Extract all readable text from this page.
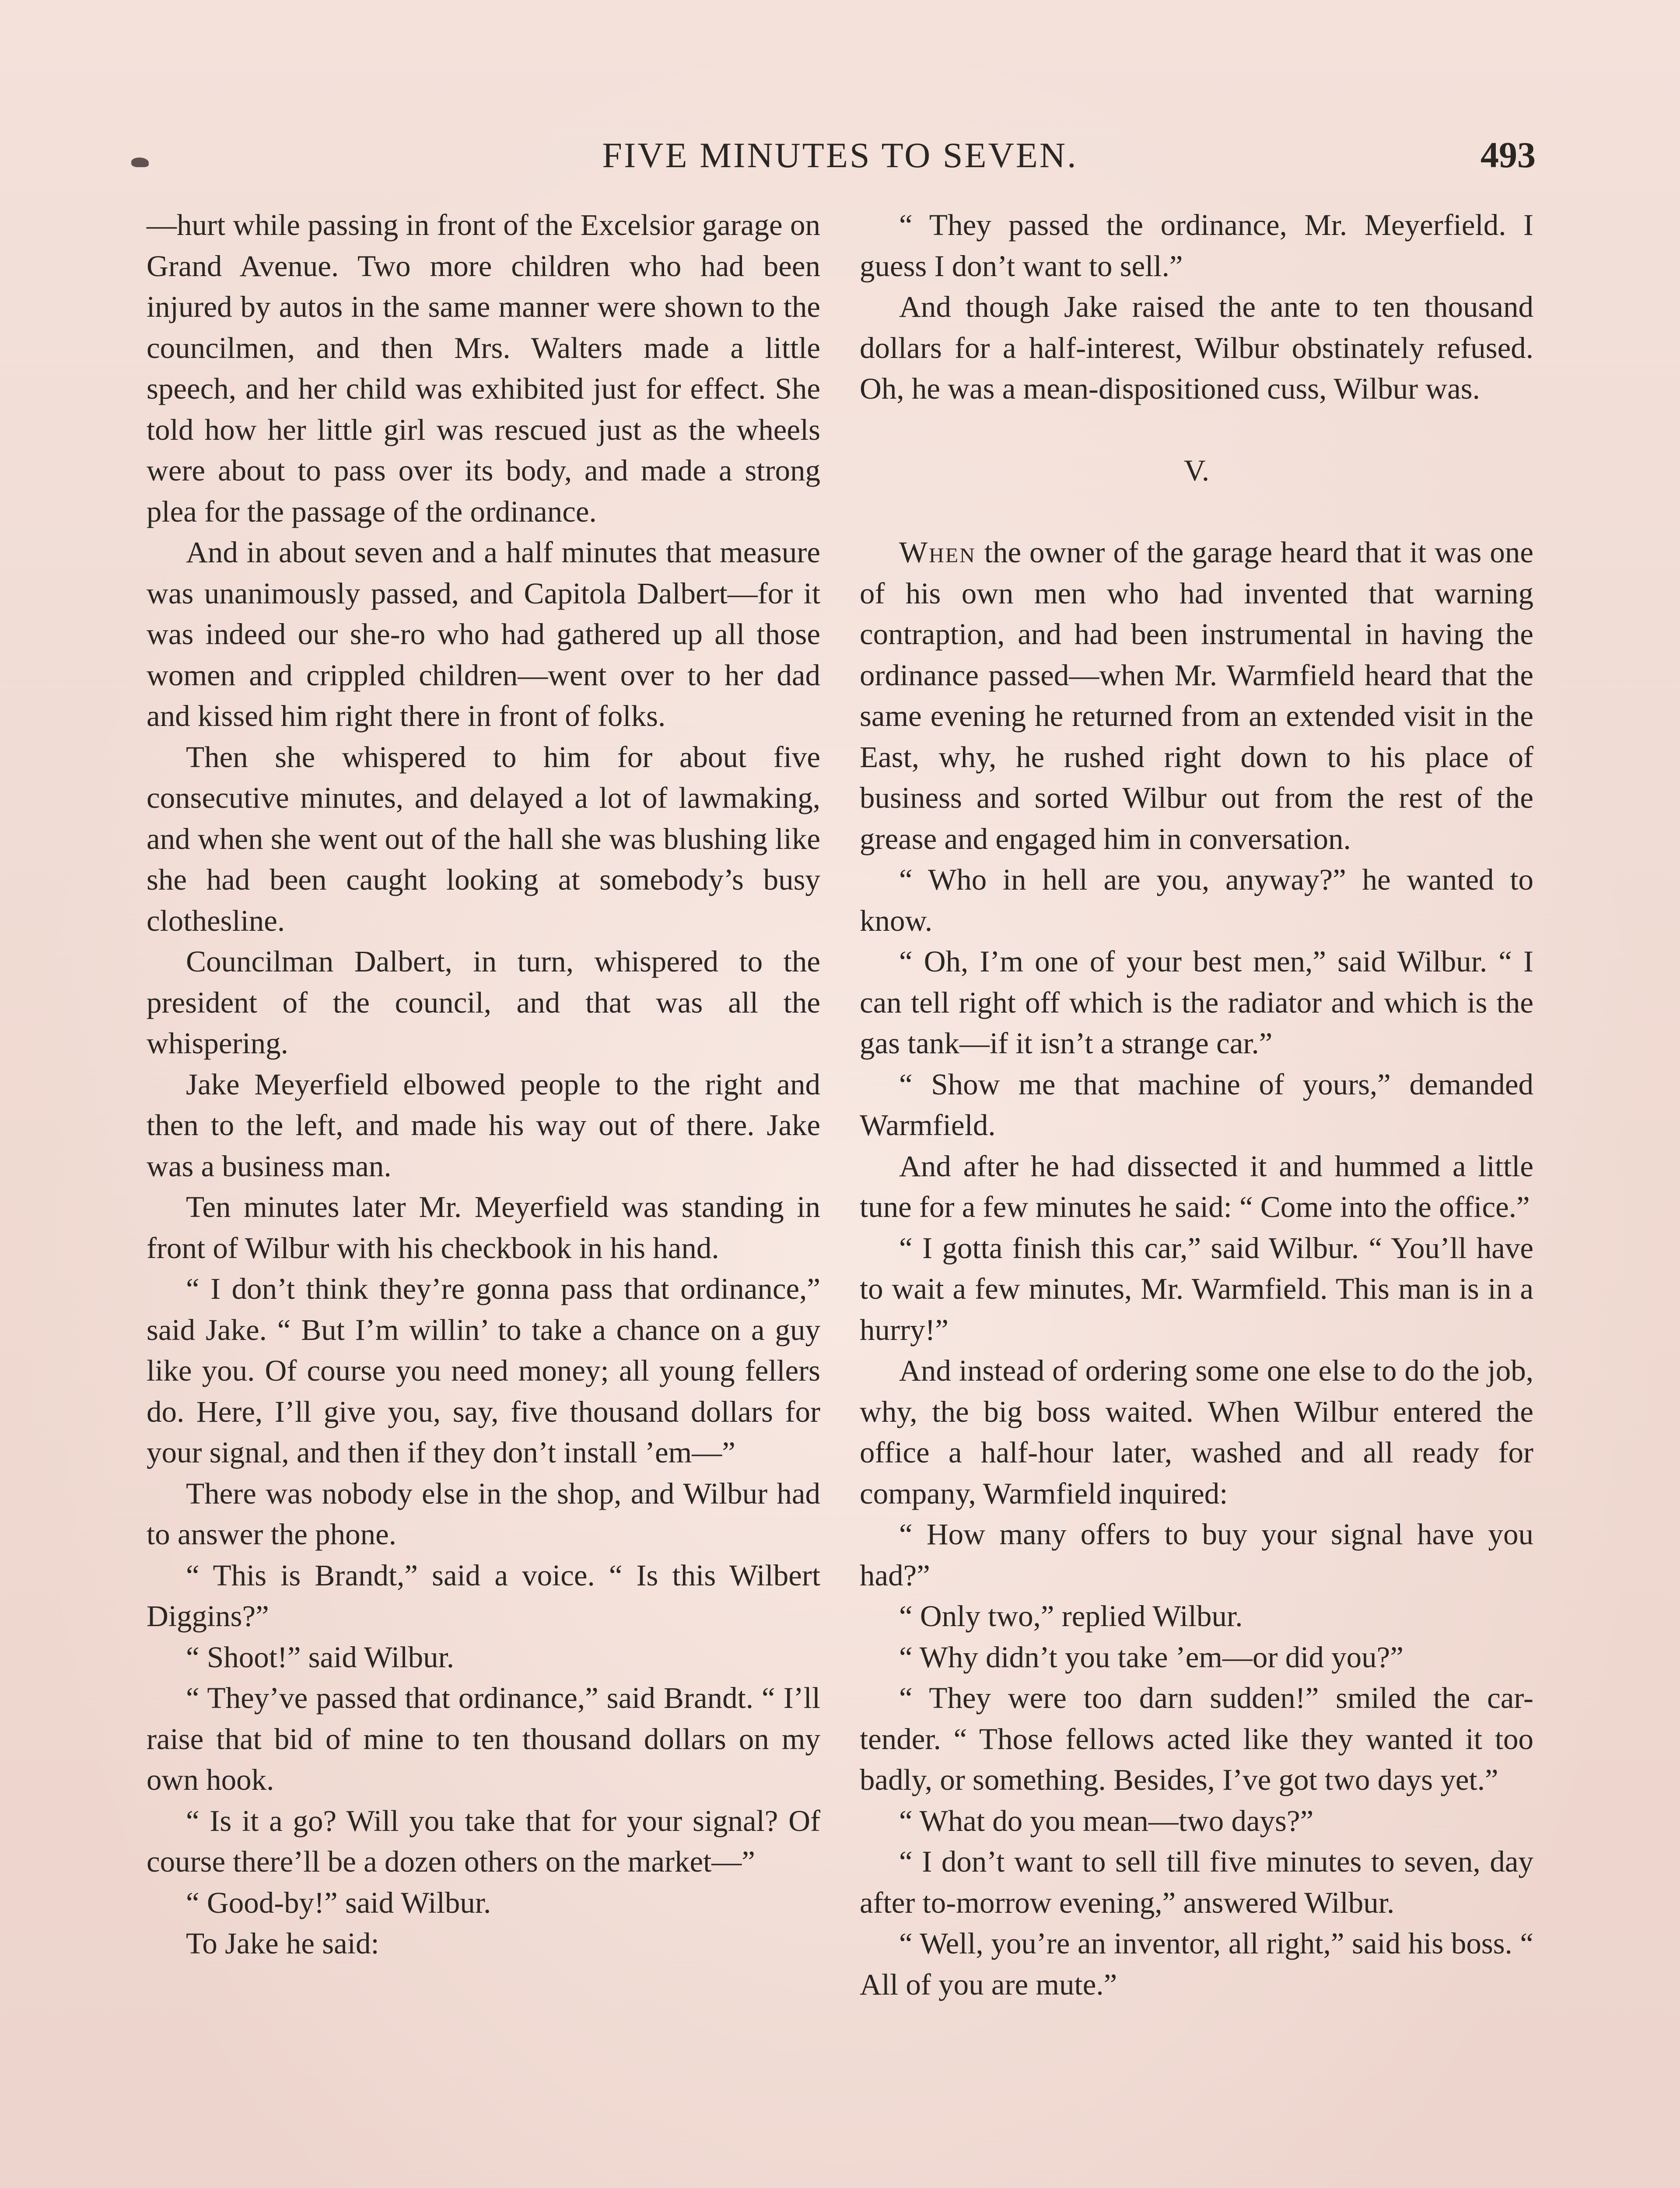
FIVE MINUTES TO SEVEN.	493

—hurt while passing in front of the Excelsior garage on Grand Avenue. Two more children who had been injured by autos in the same manner were shown to the councilmen, and then Mrs. Walters made a little speech, and her child was exhibited just for effect. She told how her little girl was rescued just as the wheels were about to pass over its body, and made a strong plea for the passage of the ordinance.

And in about seven and a half minutes that measure was unanimously passed, and Capitola Dalbert—for it was indeed our she-ro who had gathered up all those women and crippled children—went over to her dad and kissed him right there in front of folks.

Then she whispered to him for about five consecutive minutes, and delayed a lot of lawmaking, and when she went out of the hall she was blushing like she had been caught looking at somebody’s busy clothesline.

Councilman Dalbert, in turn, whispered to the president of the council, and that was all the whispering.

Jake Meyerfield elbowed people to the right and then to the left, and made his way out of there. Jake was a business man.

Ten minutes later Mr. Meyerfield was standing in front of Wilbur with his checkbook in his hand.

“ I don’t think they’re gonna pass that ordinance,” said Jake. “ But I’m willin’ to take a chance on a guy like you. Of course you need money; all young fellers do. Here, I’ll give you, say, five thousand dollars for your signal, and then if they don’t install ’em—”

There was nobody else in the shop, and Wilbur had to answer the phone.

“ This is Brandt,” said a voice. “ Is this Wilbert Diggins?”

“ Shoot!” said Wilbur.

“ They’ve passed that ordinance,” said Brandt. “ I’ll raise that bid of mine to ten thousand dollars on my own hook.

“ Is it a go? Will you take that for your signal? Of course there’ll be a dozen others on the market—”

“ Good-by!” said Wilbur.

To Jake he said:

“ They passed the ordinance, Mr. Meyerfield. I guess I don’t want to sell.”

And though Jake raised the ante to ten thousand dollars for a half-interest, Wilbur obstinately refused. Oh, he was a mean-dispositioned cuss, Wilbur was.

V.

When the owner of the garage heard that it was one of his own men who had invented that warning contraption, and had been instrumental in having the ordinance passed—when Mr. Warmfield heard that the same evening he returned from an extended visit in the East, why, he rushed right down to his place of business and sorted Wilbur out from the rest of the grease and engaged him in conversation.

“ Who in hell are you, anyway?” he wanted to know.

“ Oh, I’m one of your best men,” said Wilbur. “ I can tell right off which is the radiator and which is the gas tank—if it isn’t a strange car.”

“ Show me that machine of yours,” demanded Warmfield.

And after he had dissected it and hummed a little tune for a few minutes he said: “ Come into the office.”

“ I gotta finish this car,” said Wilbur. “ You’ll have to wait a few minutes, Mr. Warmfield. This man is in a hurry!”

And instead of ordering some one else to do the job, why, the big boss waited. When Wilbur entered the office a half-hour later, washed and all ready for company, Warmfield inquired:

“ How many offers to buy your signal have you had?”

“ Only two,” replied Wilbur.

“ Why didn’t you take ’em—or did you?”

“ They were too darn sudden!” smiled the car-tender. “ Those fellows acted like they wanted it too badly, or something. Besides, I’ve got two days yet.”

“ What do you mean—two days?”

“ I don’t want to sell till five minutes to seven, day after to-morrow evening,” answered Wilbur.

“ Well, you’re an inventor, all right,” said his boss. “ All of you are mute.”
